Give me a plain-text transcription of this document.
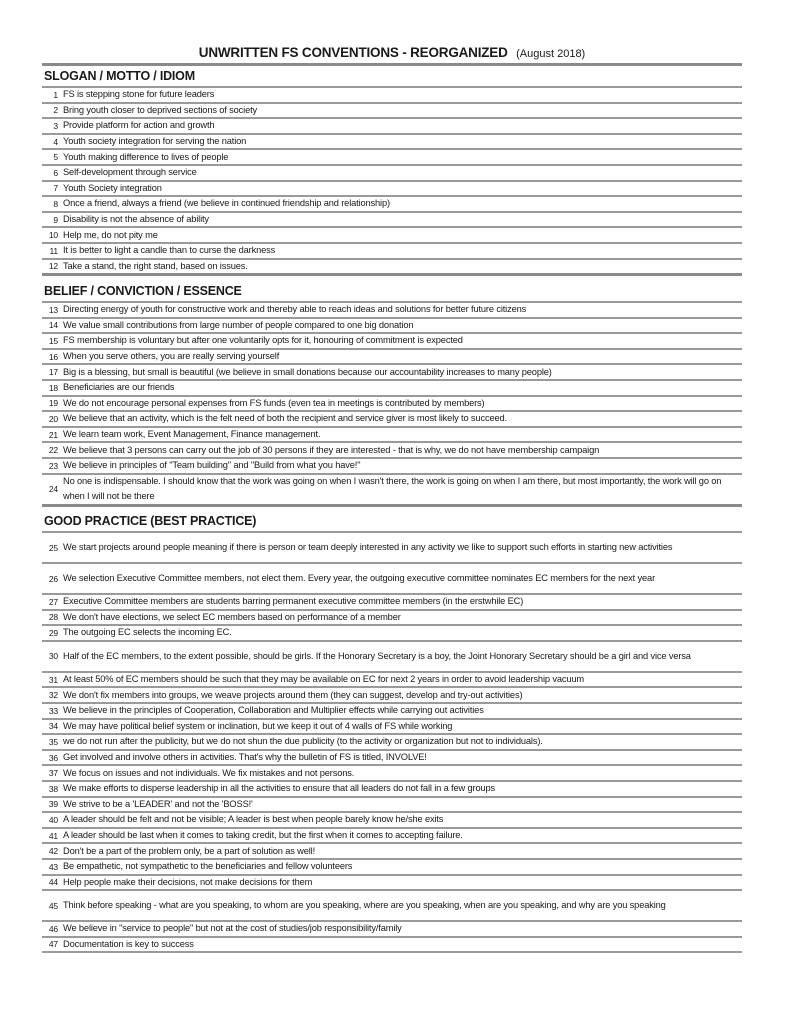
UNWRITTEN FS CONVENTIONS - REORGANIZED (August 2018)
SLOGAN / MOTTO / IDIOM
1 FS is stepping stone for future leaders
2 Bring youth closer to deprived sections of society
3 Provide platform for action and growth
4 Youth society integration for serving the nation
5 Youth making difference to lives of people
6 Self-development through service
7 Youth Society integration
8 Once a friend, always a friend (we believe in continued friendship and relationship)
9 Disability is not the absence of ability
10 Help me, do not pity me
11 It is better to light a candle than to curse the darkness
12 Take a stand, the right stand, based on issues.
BELIEF / CONVICTION / ESSENCE
13 Directing energy of youth for constructive work and thereby able to reach ideas and solutions for better future citizens
14 We value small contributions from large number of people compared to one big donation
15 FS membership is voluntary but after one voluntarily opts for it, honouring of commitment is expected
16 When you serve others, you are really serving yourself
17 Big is a blessing, but small is beautiful (we believe in small donations because our accountability increases to many people)
18 Beneficiaries are our friends
19 We do not encourage personal expenses from FS funds (even tea in meetings is contributed by members)
20 We believe that an activity, which is the felt need of both the recipient and service giver is most likely to succeed.
21 We learn team work, Event Management, Finance management.
22 We believe that 3 persons can carry out the job of 30 persons if they are interested - that is why, we do not have membership campaign
23 We believe in principles of "Team building" and "Build from what you have!"
24
No one is indispensable. I should know that the work was going on when I wasn't there, the work is going on when I am there, but most importantly, the work will go on when I will not be there
GOOD PRACTICE (BEST PRACTICE)
25 We start projects around people meaning if there is person or team deeply interested in any activity we like to support such efforts in starting new activities
26 We selection Executive Committee members, not elect them. Every year, the outgoing executive committee nominates EC members for the next year
27 Executive Committee members are students barring permanent executive committee members (in the erstwhile EC)
28 We don't have elections, we select EC members based on performance of a member
29 The outgoing EC selects the incoming EC.
30 Half of the EC members, to the extent possible, should be girls. If the Honorary Secretary is a boy, the Joint Honorary Secretary should be a girl and vice versa
31 At least 50% of EC members should be such that they may be available on EC for next 2 years in order to avoid leadership vacuum
32 We don't fix members into groups, we weave projects around them (they can suggest, develop and try-out activities)
33 We believe in the principles of Cooperation, Collaboration and Multiplier effects while carrying out activities
34 We may have political belief system or inclination, but we keep it out of 4 walls of FS while working
35 we do not run after the publicity, but we do not shun the due publicity (to the activity or organization but not to individuals).
36 Get involved and involve others in activities. That's why the bulletin of FS is titled, INVOLVE!
37 We focus on issues and not individuals. We fix mistakes and not persons.
38 We make efforts to disperse leadership in all the activities to ensure that all leaders do not fall in a few groups
39 We strive to be a 'LEADER' and not the 'BOSS!'
40 A leader should be felt and not be visible; A leader is best when people barely know he/she exits
41 A leader should be last when it comes to taking credit, but the first when it comes to accepting failure.
42 Don't be a part of the problem only, be a part of solution as well!
43 Be empathetic, not sympathetic to the beneficiaries and fellow volunteers
44 Help people make their decisions, not make decisions for them
45 Think before speaking - what are you speaking, to whom are you speaking, where are you speaking, when are you speaking, and why are you speaking
46 We believe in "service to people" but not at the cost of studies/job responsibility/family
47 Documentation is key to success
